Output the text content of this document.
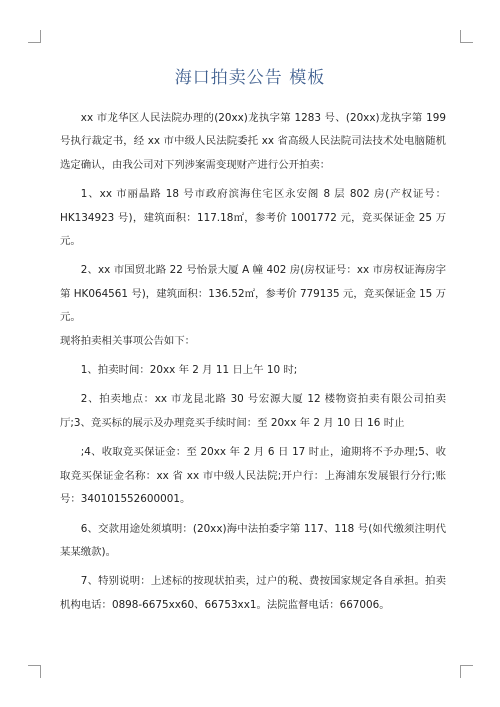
海口拍卖公告 模板

xx 市龙华区人民法院办理的(20xx)龙执字第 1283 号、(20xx)龙执字第 199 号执行裁定书，经 xx 市中级人民法院委托 xx 省高级人民法院司法技术处电脑随机选定确认，由我公司对下列涉案需变现财产进行公开拍卖：

1、xx 市丽晶路 18 号市政府滨海住宅区永安阁 8 层 802 房(产权证号：HK134923 号)，建筑面积：117.18㎡，参考价 1001772 元，竞买保证金 25 万元。

2、xx 市国贸北路 22 号怡景大厦 A 幢 402 房(房权证号：xx 市房权证海房字第 HK064561 号)，建筑面积：136.52㎡，参考价 779135 元，竞买保证金 15 万元。

现将拍卖相关事项公告如下：

1、拍卖时间：20xx 年 2 月 11 日上午 10 时;

2、拍卖地点：xx 市龙昆北路 30 号宏源大厦 12 楼物资拍卖有限公司拍卖厅;3、竞买标的展示及办理竞买手续时间：至 20xx 年 2 月 10 日 16 时止

;4、收取竞买保证金：至 20xx 年 2 月 6 日 17 时止，逾期将不予办理;5、收取竞买保证金名称：xx 省 xx 市中级人民法院;开户行：上海浦东发展银行分行;账号：340101552600001。

6、交款用途处须填明：(20xx)海中法拍委字第 117、118 号(如代缴须注明代某某缴款)。

7、特别说明：上述标的按现状拍卖，过户的税、费按国家规定各自承担。拍卖机构电话：0898-6675xx60、66753xx1。法院监督电话：667006。
